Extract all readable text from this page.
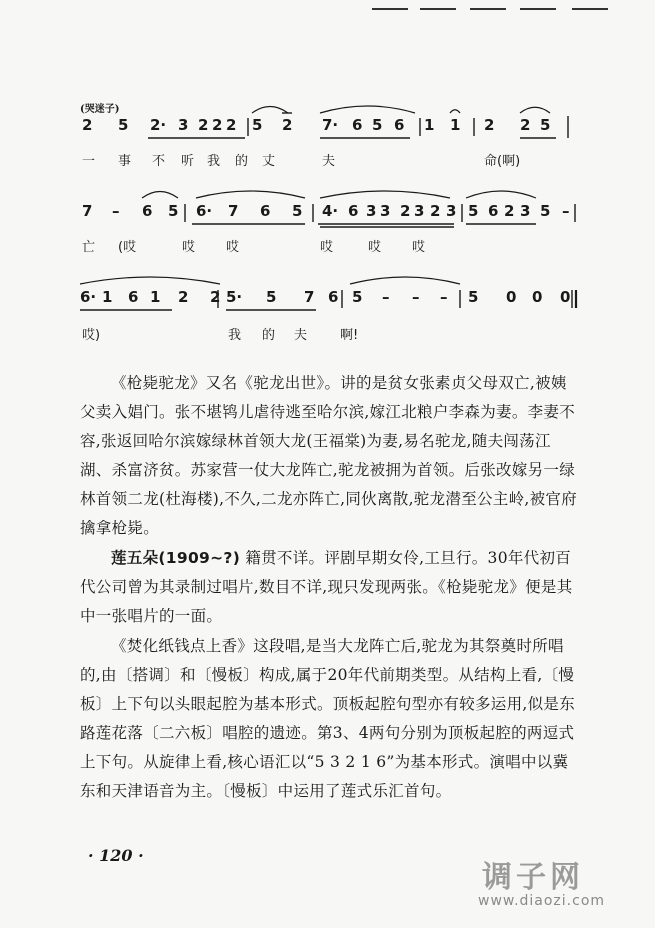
(哭迷子)
2 5 2· 3 2 2 2 5 2 7· 6 5 6 1 1 2 2 5
一 事 不 听 我 的 丈	夫	命(啊)
7 – 6 5 6· 7 6 5 4· 6 3 3 2 3 2 3 5 6 2 3 5 –
亡 (哎	哎 哎	哎	哎 哎
6· 1 6 1 2 2 5· 5 7 6 5 – – – 5 0 0 0
哎)	我 的 夫	啊!
《枪毙驼龙》又名《驼龙出世》。讲的是贫女张素贞父母双亡,被姨父卖入娼门。张不堪鸨儿虐待逃至哈尔滨,嫁江北粮户李森为妻。李妻不容,张返回哈尔滨嫁绿林首领大龙(王福棠)为妻,易名驼龙,随夫闯荡江湖、杀富济贫。苏家营一仗大龙阵亡,驼龙被拥为首领。后张改嫁另一绿林首领二龙(杜海楼),不久,二龙亦阵亡,同伙离散,驼龙潜至公主岭,被官府擒拿枪毙。
莲五朵(1909~?) 籍贯不详。评剧早期女伶,工旦行。30年代初百代公司曾为其录制过唱片,数目不详,现只发现两张。《枪毙驼龙》便是其中一张唱片的一面。
《焚化纸钱点上香》这段唱,是当大龙阵亡后,驼龙为其祭奠时所唱的,由〔搭调〕和〔慢板〕构成,属于20年代前期类型。从结构上看,〔慢板〕上下句以头眼起腔为基本形式。顶板起腔句型亦有较多运用,似是东路莲花落〔二六板〕唱腔的遗迹。第3、4两句分别为顶板起腔的两逗式上下句。从旋律上看,核心语汇以“5 3 2 1 6”为基本形式。演唱中以冀东和天津语音为主。〔慢板〕中运用了莲式乐汇首句。
· 120 ·
调子网
www.diaozi.com
